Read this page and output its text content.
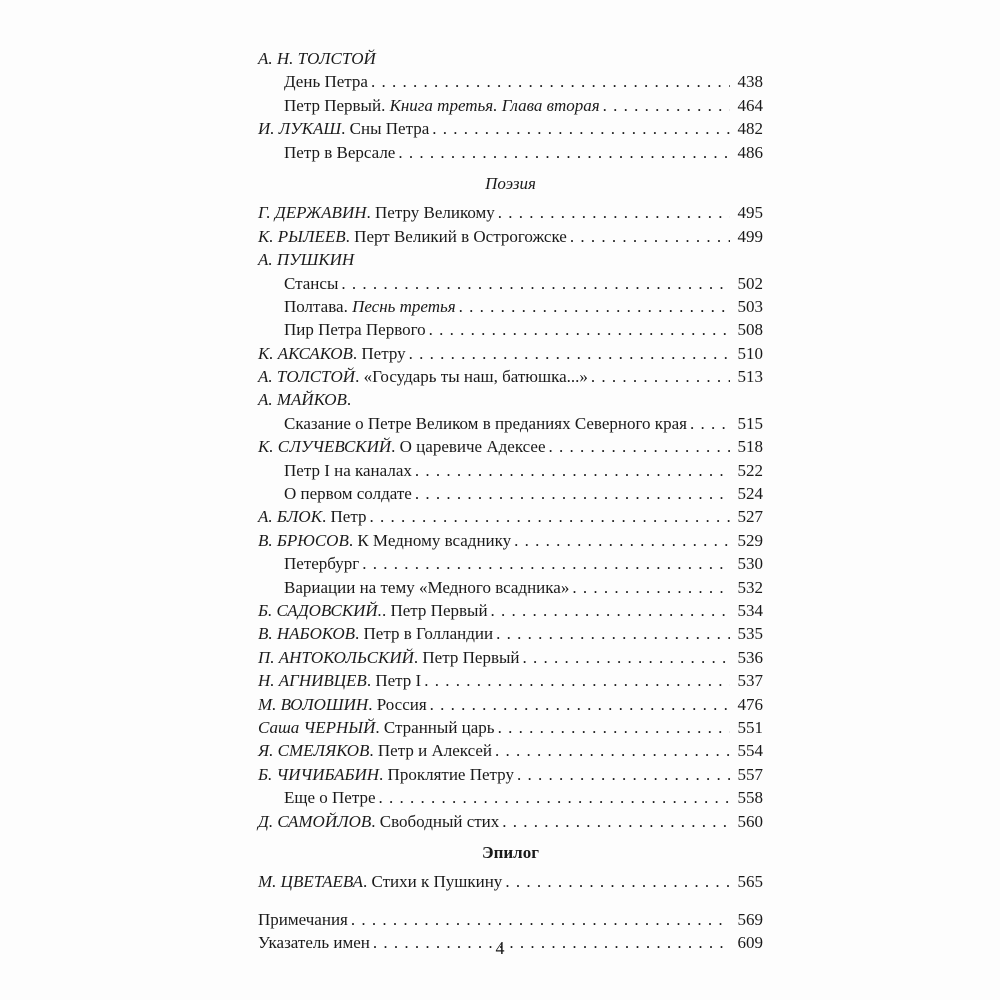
А. Н. ТОЛСТОЙ
День Петра . . .	438
Петр Первый. Книга третья. Глава вторая . . .	464
И. ЛУКАШ. Сны Петра . . .	482
Петр в Версале . . .	486
Поэзия
Г. ДЕРЖАВИН. Петру Великому . . .	495
К. РЫЛЕЕВ. Перт Великий в Острогожске . . .	499
А. ПУШКИН
Стансы . . .	502
Полтава. Песнь третья . . .	503
Пир Петра Первого . . .	508
К. АКСАКОВ. Петру . . .	510
А. ТОЛСТОЙ. «Государь ты наш, батюшка...» . . .	513
А. МАЙКОВ.
Сказание о Петре Великом в преданиях Северного края . . .	515
К. СЛУЧЕВСКИЙ. О царевиче Адексее . . .	518
Петр I на каналах . . .	522
О первом солдате . . .	524
А. БЛОК. Петр . . .	527
В. БРЮСОВ. К Медному всаднику . . .	529
Петербург . . .	530
Вариации на тему «Медного всадника» . . .	532
Б. САДОВСКИЙ.. Петр Первый . . .	534
В. НАБОКОВ. Петр в Голландии . . .	535
П. АНТОКОЛЬСКИЙ. Петр Первый . . .	536
Н. АГНИВЦЕВ. Петр I . . .	537
М. ВОЛОШИН. Россия . . .	476
Саша ЧЕРНЫЙ. Странный царь . . .	551
Я. СМЕЛЯКОВ. Петр и Алексей . . .	554
Б. ЧИЧИБАБИН. Проклятие Петру . . .	557
Еще о Петре . . .	558
Д. САМОЙЛОВ. Свободный стих . . .	560
Эпилог
М. ЦВЕТАЕВА. Стихи к Пушкину . . .	565
Примечания . . .	569
Указатель имен . . .	609
4
